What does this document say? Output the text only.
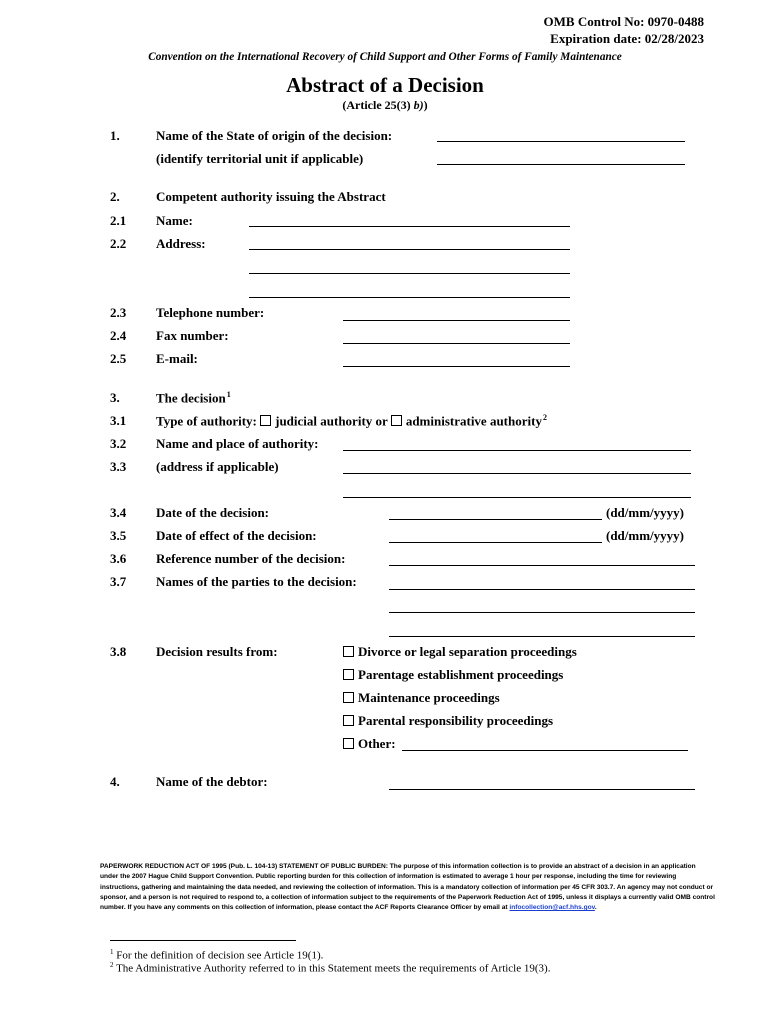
OMB Control No: 0970-0488
Expiration date: 02/28/2023
Convention on the International Recovery of Child Support and Other Forms of Family Maintenance
Abstract of a Decision
(Article 25(3) b))
1.	Name of the State of origin of the decision:
(identify territorial unit if applicable)
2.	Competent authority issuing the Abstract
2.1 Name:
2.2 Address:
2.3 Telephone number:
2.4 Fax number:
2.5 E-mail:
3.	The decision$^1$
3.1 Type of authority: judicial authority or administrative authority$^2$
3.2 Name and place of authority:
3.3 (address if applicable)
3.4 Date of the decision:	(dd/mm/yyyy)
3.5 Date of effect of the decision:	(dd/mm/yyyy)
3.6 Reference number of the decision:
3.7 Names of the parties to the decision:
3.8 Decision results from:	Divorce or legal separation proceedings
Parentage establishment proceedings
Maintenance proceedings
Parental responsibility proceedings
Other:
4.	Name of the debtor:
PAPERWORK REDUCTION ACT OF 1995 (Pub. L. 104-13) STATEMENT OF PUBLIC BURDEN: The purpose of this information collection is to provide an abstract of a decision in an application under the 2007 Hague Child Support Convention. Public reporting burden for this collection of information is estimated to average 1 hour per response, including the time for reviewing instructions, gathering and maintaining the data needed, and reviewing the collection of information. This is a mandatory collection of information per 45 CFR 303.7. An agency may not conduct or sponsor, and a person is not required to respond to, a collection of information subject to the requirements of the Paperwork Reduction Act of 1995, unless it displays a currently valid OMB control number. If you have any comments on this collection of information, please contact the ACF Reports Clearance Officer by email at infocollection@acf.hhs.gov.
$^1$ For the definition of decision see Article 19(1).
$^2$ The Administrative Authority referred to in this Statement meets the requirements of Article 19(3).
